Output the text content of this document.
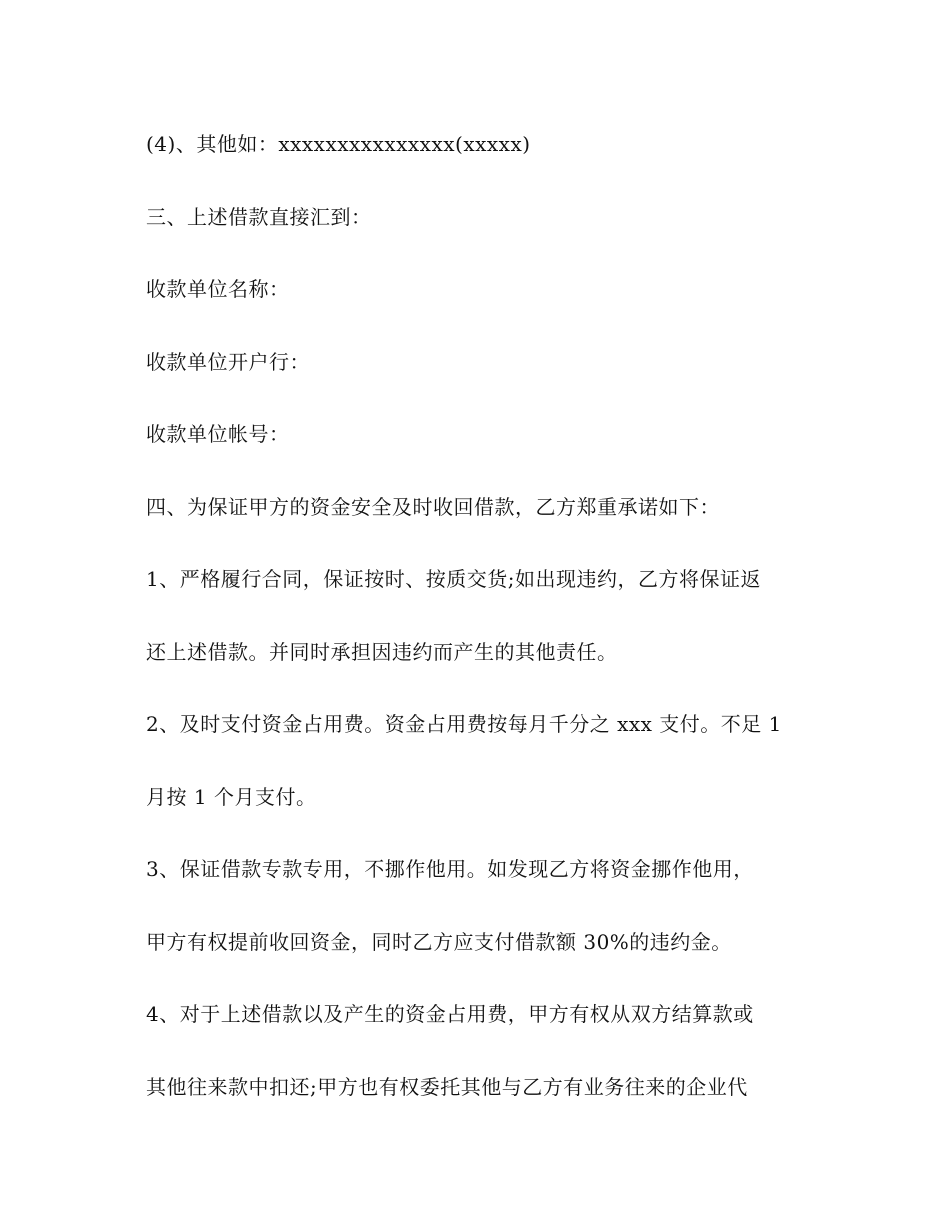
(4)、其他如：xxxxxxxxxxxxxxx(xxxxx)

三、上述借款直接汇到：

收款单位名称：

收款单位开户行：

收款单位帐号：

四、为保证甲方的资金安全及时收回借款，乙方郑重承诺如下：

1、严格履行合同，保证按时、按质交货;如出现违约，乙方将保证返

还上述借款。并同时承担因违约而产生的其他责任。

2、及时支付资金占用费。资金占用费按每月千分之 xxx 支付。不足 1

月按 1 个月支付。

3、保证借款专款专用，不挪作他用。如发现乙方将资金挪作他用，

甲方有权提前收回资金，同时乙方应支付借款额 30%的违约金。

4、对于上述借款以及产生的资金占用费，甲方有权从双方结算款或

其他往来款中扣还;甲方也有权委托其他与乙方有业务往来的企业代
